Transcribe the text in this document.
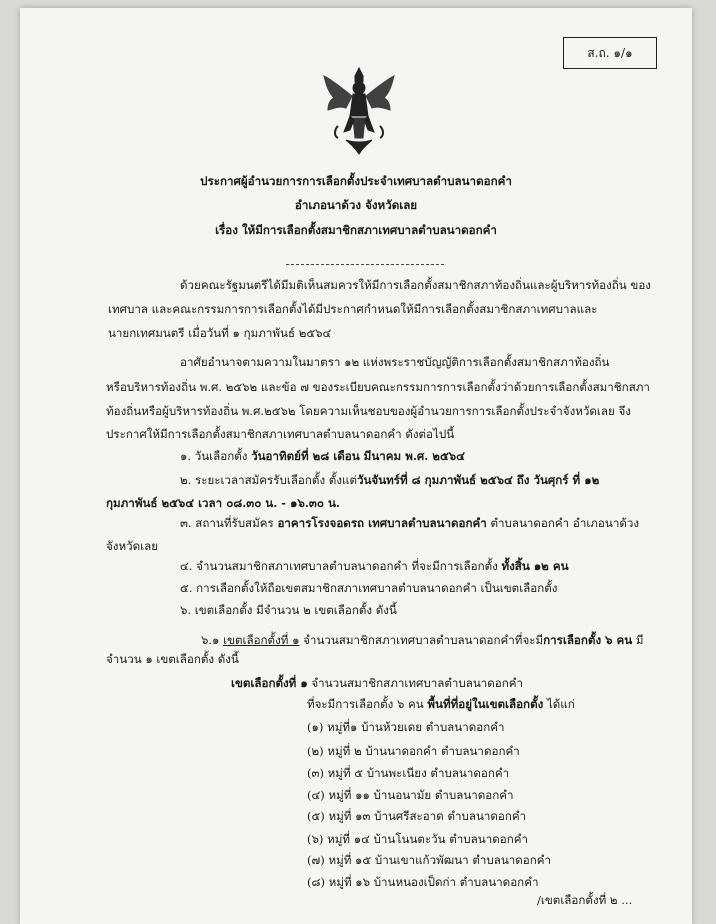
ส.ถ. ๑/๑
ประกาศผู้อำนวยการการเลือกตั้งประจำเทศบาลตำบลนาดอกคำ
อำเภอนาด้วง จังหวัดเลย
เรื่อง ให้มีการเลือกตั้งสมาชิกสภาเทศบาลตำบลนาดอกคำ
ด้วยคณะรัฐมนตรีได้มีมติเห็นสมควรให้มีการเลือกตั้งสมาชิกสภาท้องถิ่นและผู้บริหารท้องถิ่น ของ
เทศบาล และคณะกรรมการการเลือกตั้งได้มีประกาศกำหนดให้มีการเลือกตั้งสมาชิกสภาเทศบาลและ
นายกเทศมนตรี เมื่อวันที่ ๑ กุมภาพันธ์ ๒๕๖๔
อาศัยอำนาจตามความในมาตรา ๑๒ แห่งพระราชบัญญัติการเลือกตั้งสมาชิกสภาท้องถิ่น
หรือบริหารท้องถิ่น พ.ศ. ๒๕๖๒ และข้อ ๗ ของระเบียบคณะกรรมการการเลือกตั้งว่าด้วยการเลือกตั้งสมาชิกสภา
ท้องถิ่นหรือผู้บริหารท้องถิ่น พ.ศ.๒๕๖๒ โดยความเห็นชอบของผู้อำนวยการการเลือกตั้งประจำจังหวัดเลย จึง
ประกาศให้มีการเลือกตั้งสมาชิกสภาเทศบาลตำบลนาดอกคำ ดังต่อไปนี้
๑. วันเลือกตั้ง วันอาทิตย์ที่ ๒๘ เดือน มีนาคม พ.ศ. ๒๕๖๔
๒. ระยะเวลาสมัครรับเลือกตั้ง ตั้งแต่วันจันทร์ที่ ๘ กุมภาพันธ์ ๒๕๖๔ ถึง วันศุกร์ ที่ ๑๒
กุมภาพันธ์ ๒๕๖๔ เวลา ๐๘.๓๐ น. - ๑๖.๓๐ น.
๓. สถานที่รับสมัคร อาคารโรงจอดรถ เทศบาลตำบลนาดอกคำ ตำบลนาดอกคำ อำเภอนาด้วง
จังหวัดเลย
๔. จำนวนสมาชิกสภาเทศบาลตำบลนาดอกคำ ที่จะมีการเลือกตั้ง ทั้งสิ้น ๑๒ คน
๕. การเลือกตั้งให้ถือเขตสมาชิกสภาเทศบาลตำบลนาดอกคำ เป็นเขตเลือกตั้ง
๖. เขตเลือกตั้ง มีจำนวน ๒ เขตเลือกตั้ง ดังนี้
๖.๑ เขตเลือกตั้งที่ ๑ จำนวนสมาชิกสภาเทศบาลตำบลนาดอกคำที่จะมีการเลือกตั้ง ๖ คน มี
จำนวน ๑ เขตเลือกตั้ง ดังนี้
เขตเลือกตั้งที่ ๑ จำนวนสมาชิกสภาเทศบาลตำบลนาดอกคำ
ที่จะมีการเลือกตั้ง ๖ คน พื้นที่ที่อยู่ในเขตเลือกตั้ง ได้แก่
(๑) หมู่ที่๑ บ้านห้วยเดย ตำบลนาดอกคำ
(๒) หมู่ที่ ๒ บ้านนาดอกคำ ตำบลนาดอกคำ
(๓) หมู่ที่ ๕ บ้านพะเนียง ตำบลนาดอกคำ
(๔) หมู่ที่ ๑๑ บ้านอนามัย ตำบลนาดอกคำ
(๕) หมู่ที่ ๑๓ บ้านศรีสะอาด ตำบลนาดอกคำ
(๖) หมู่ที่ ๑๔ บ้านโนนตะวัน ตำบลนาดอกคำ
(๗) หมู่ที่ ๑๕ บ้านเขาแก้วพัฒนา ตำบลนาดอกคำ
(๘) หมู่ที่ ๑๖ บ้านหนองเป็ดก่า ตำบลนาดอกคำ
/เขตเลือกตั้งที่ ๒ ...
